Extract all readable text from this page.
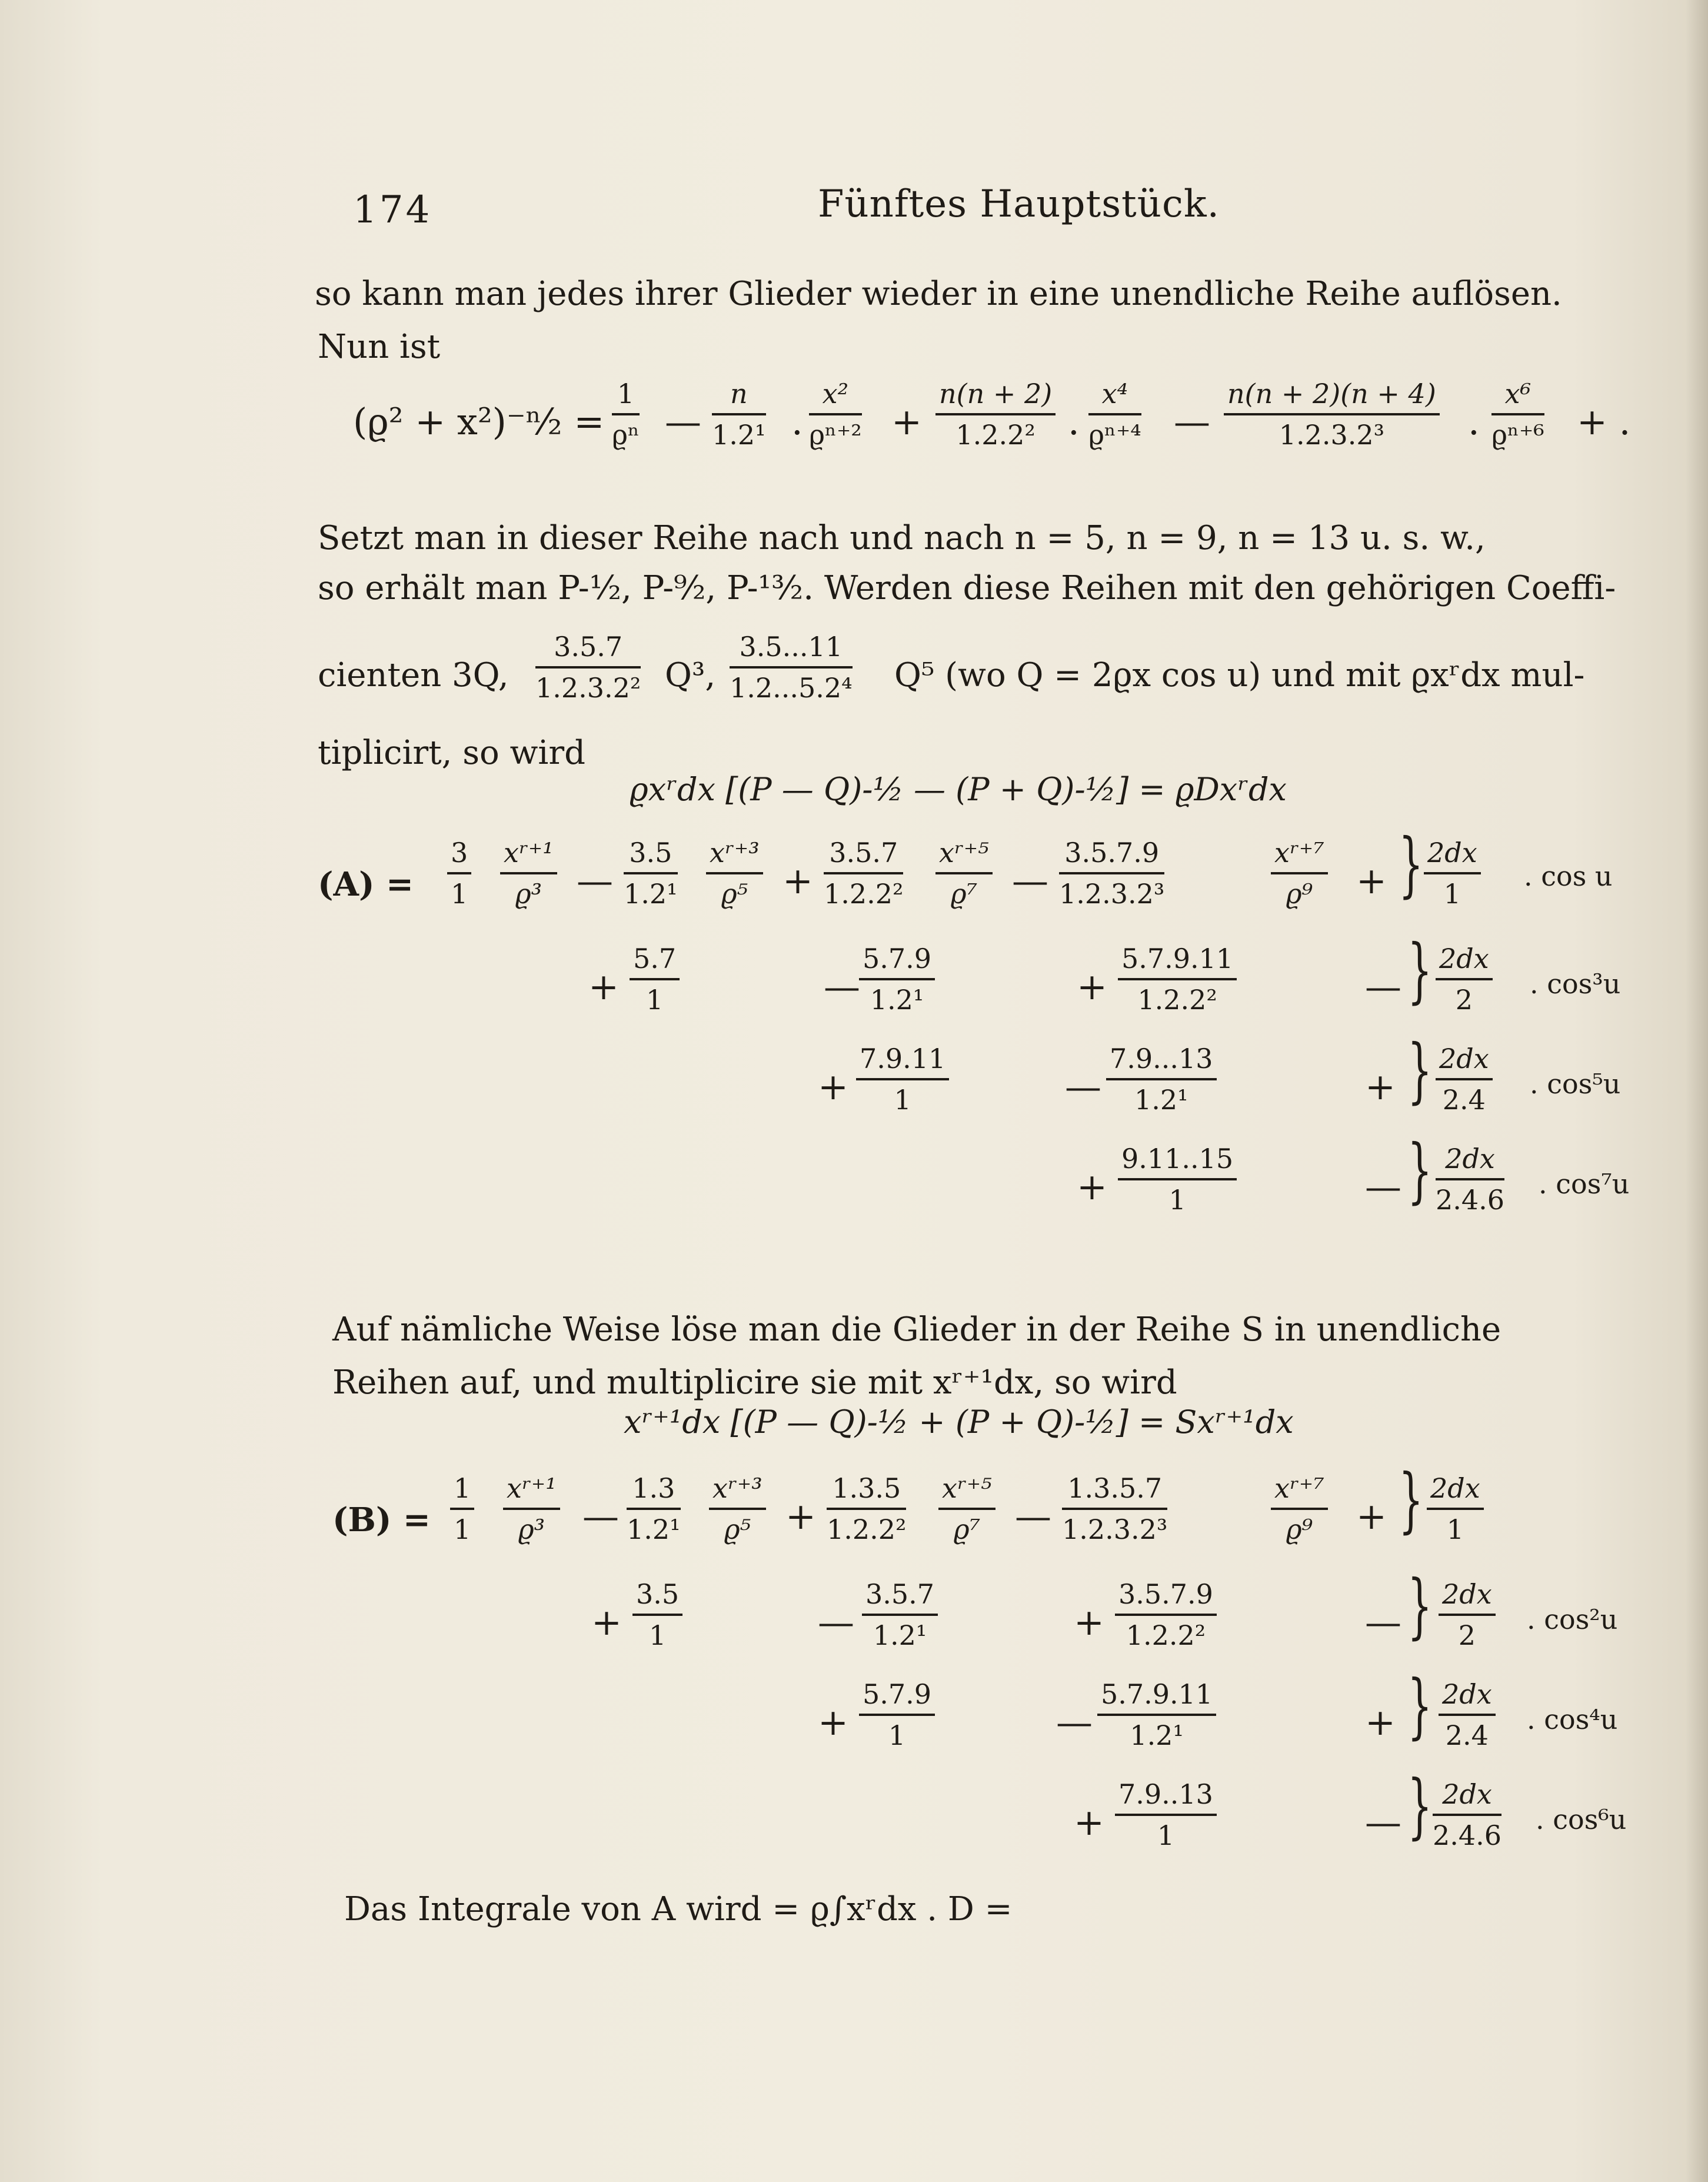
174	Fünftes Hauptstück.
so kann man jedes ihrer Glieder wieder in eine unendliche Reihe auflösen.
Nun ist
(ϱ² + x²)⁻ⁿ⁄₂ = $\frac{1}{\text{ϱⁿ}}$ — $\frac{n}{\text{1.2¹}}$ . $\frac{\text{x²}}{\text{ϱⁿ⁺²}} + \frac{n(n + 2)}{\text{1.2.2²}}$ . $\frac{\text{x⁴}}{\text{ϱⁿ⁺⁴}}$ — $\frac{n(n + 2)(n + 4)}{\text{1.2.3.2³}}$ . $\frac{\text{x⁶}}{\text{ϱⁿ⁺⁶}}$ + .
Setzt man in dieser Reihe nach und nach n = 5, n = 9, n = 13 u. s. w.,
so erhält man P-½, P-⁹⁄₂, P-¹³⁄₂. Werden diese Reihen mit den gehörigen Coeffi-
cienten 3Q, $\frac{3.5.7}{\text{1.2.3.2²}} Q^3$, $\frac{3.5...11}{\text{1.2...5.2⁴}} Q^5$ (wo Q = 2ϱx cos u) und mit ϱxʳdx mul-
tiplicirt, so wird
ϱxʳdx [(P — Q)-½ — (P + Q)-½] = ϱDxʳdx
$(A) = \frac{3}{1} \frac{\text{xʳ⁺¹}}{\text{ϱ³}}$ — $\frac{3.5}{\text{1.2¹}} \frac{\text{xʳ⁺³}}{\text{ϱ⁵}} + \frac{3.5.7}{\text{1.2.2²}} \frac{\text{xʳ⁺⁵}}{\text{ϱ⁷}}$ — $\frac{3.5.7.9}{\text{1.2.3.2³}}$	$\frac{\text{xʳ⁺⁷}}{\text{ϱ⁹}}$ + } $\frac{2dx}{1}$ . cos u
+ $\frac{5.7}{1}$	—
$\frac{5.7.9}{\text{1.2¹}}$	+ $\frac{5.7.9.11}{\text{1.2.2²}}$	— } $\frac{2dx}{2}$ . cos³u
+ $\frac{7.9.11}{1}$	— $\frac{7.9...13}{\text{1.2¹}}$	+ } $\frac{2dx}{2.4}$ . cos⁵u
+ $\frac{9.11..15}{1}$	— } $\frac{2dx}{2.4.6}$ . cos⁷u
Auf nämliche Weise löse man die Glieder in der Reihe S in unendliche
Reihen auf, und multiplicire sie mit xʳ⁺¹dx, so wird
xʳ⁺¹dx [(P — Q)-½ + (P + Q)-½] = Sxʳ⁺¹dx
$(B) = \frac{1}{1} \frac{\text{xʳ⁺¹}}{\text{ϱ³}}$ — $\frac{1.3}{\text{1.2¹}} \frac{\text{xʳ⁺³}}{\text{ϱ⁵}} + \frac{1.3.5}{\text{1.2.2²}} \frac{\text{xʳ⁺⁵}}{\text{ϱ⁷}}$ — $\frac{1.3.5.7}{\text{1.2.3.2³}}$	$\frac{\text{xʳ⁺⁷}}{\text{ϱ⁹}}$ + } $\frac{2dx}{1}$
+ $\frac{3.5}{1}$	— $\frac{3.5.7}{\text{1.2¹}}$	+ $\frac{3.5.7.9}{\text{1.2.2²}}$	— } $\frac{2dx}{2}$ . cos²u
+ $\frac{5.7.9}{1}$	— $\frac{5.7.9.11}{\text{1.2¹}}$	+ } $\frac{2dx}{2.4}$ . cos⁴u
+ $\frac{7.9..13}{1}$	— } $\frac{2dx}{2.4.6}$ . cos⁶u
Das Integrale von A wird = ϱ∫xʳdx . D =
